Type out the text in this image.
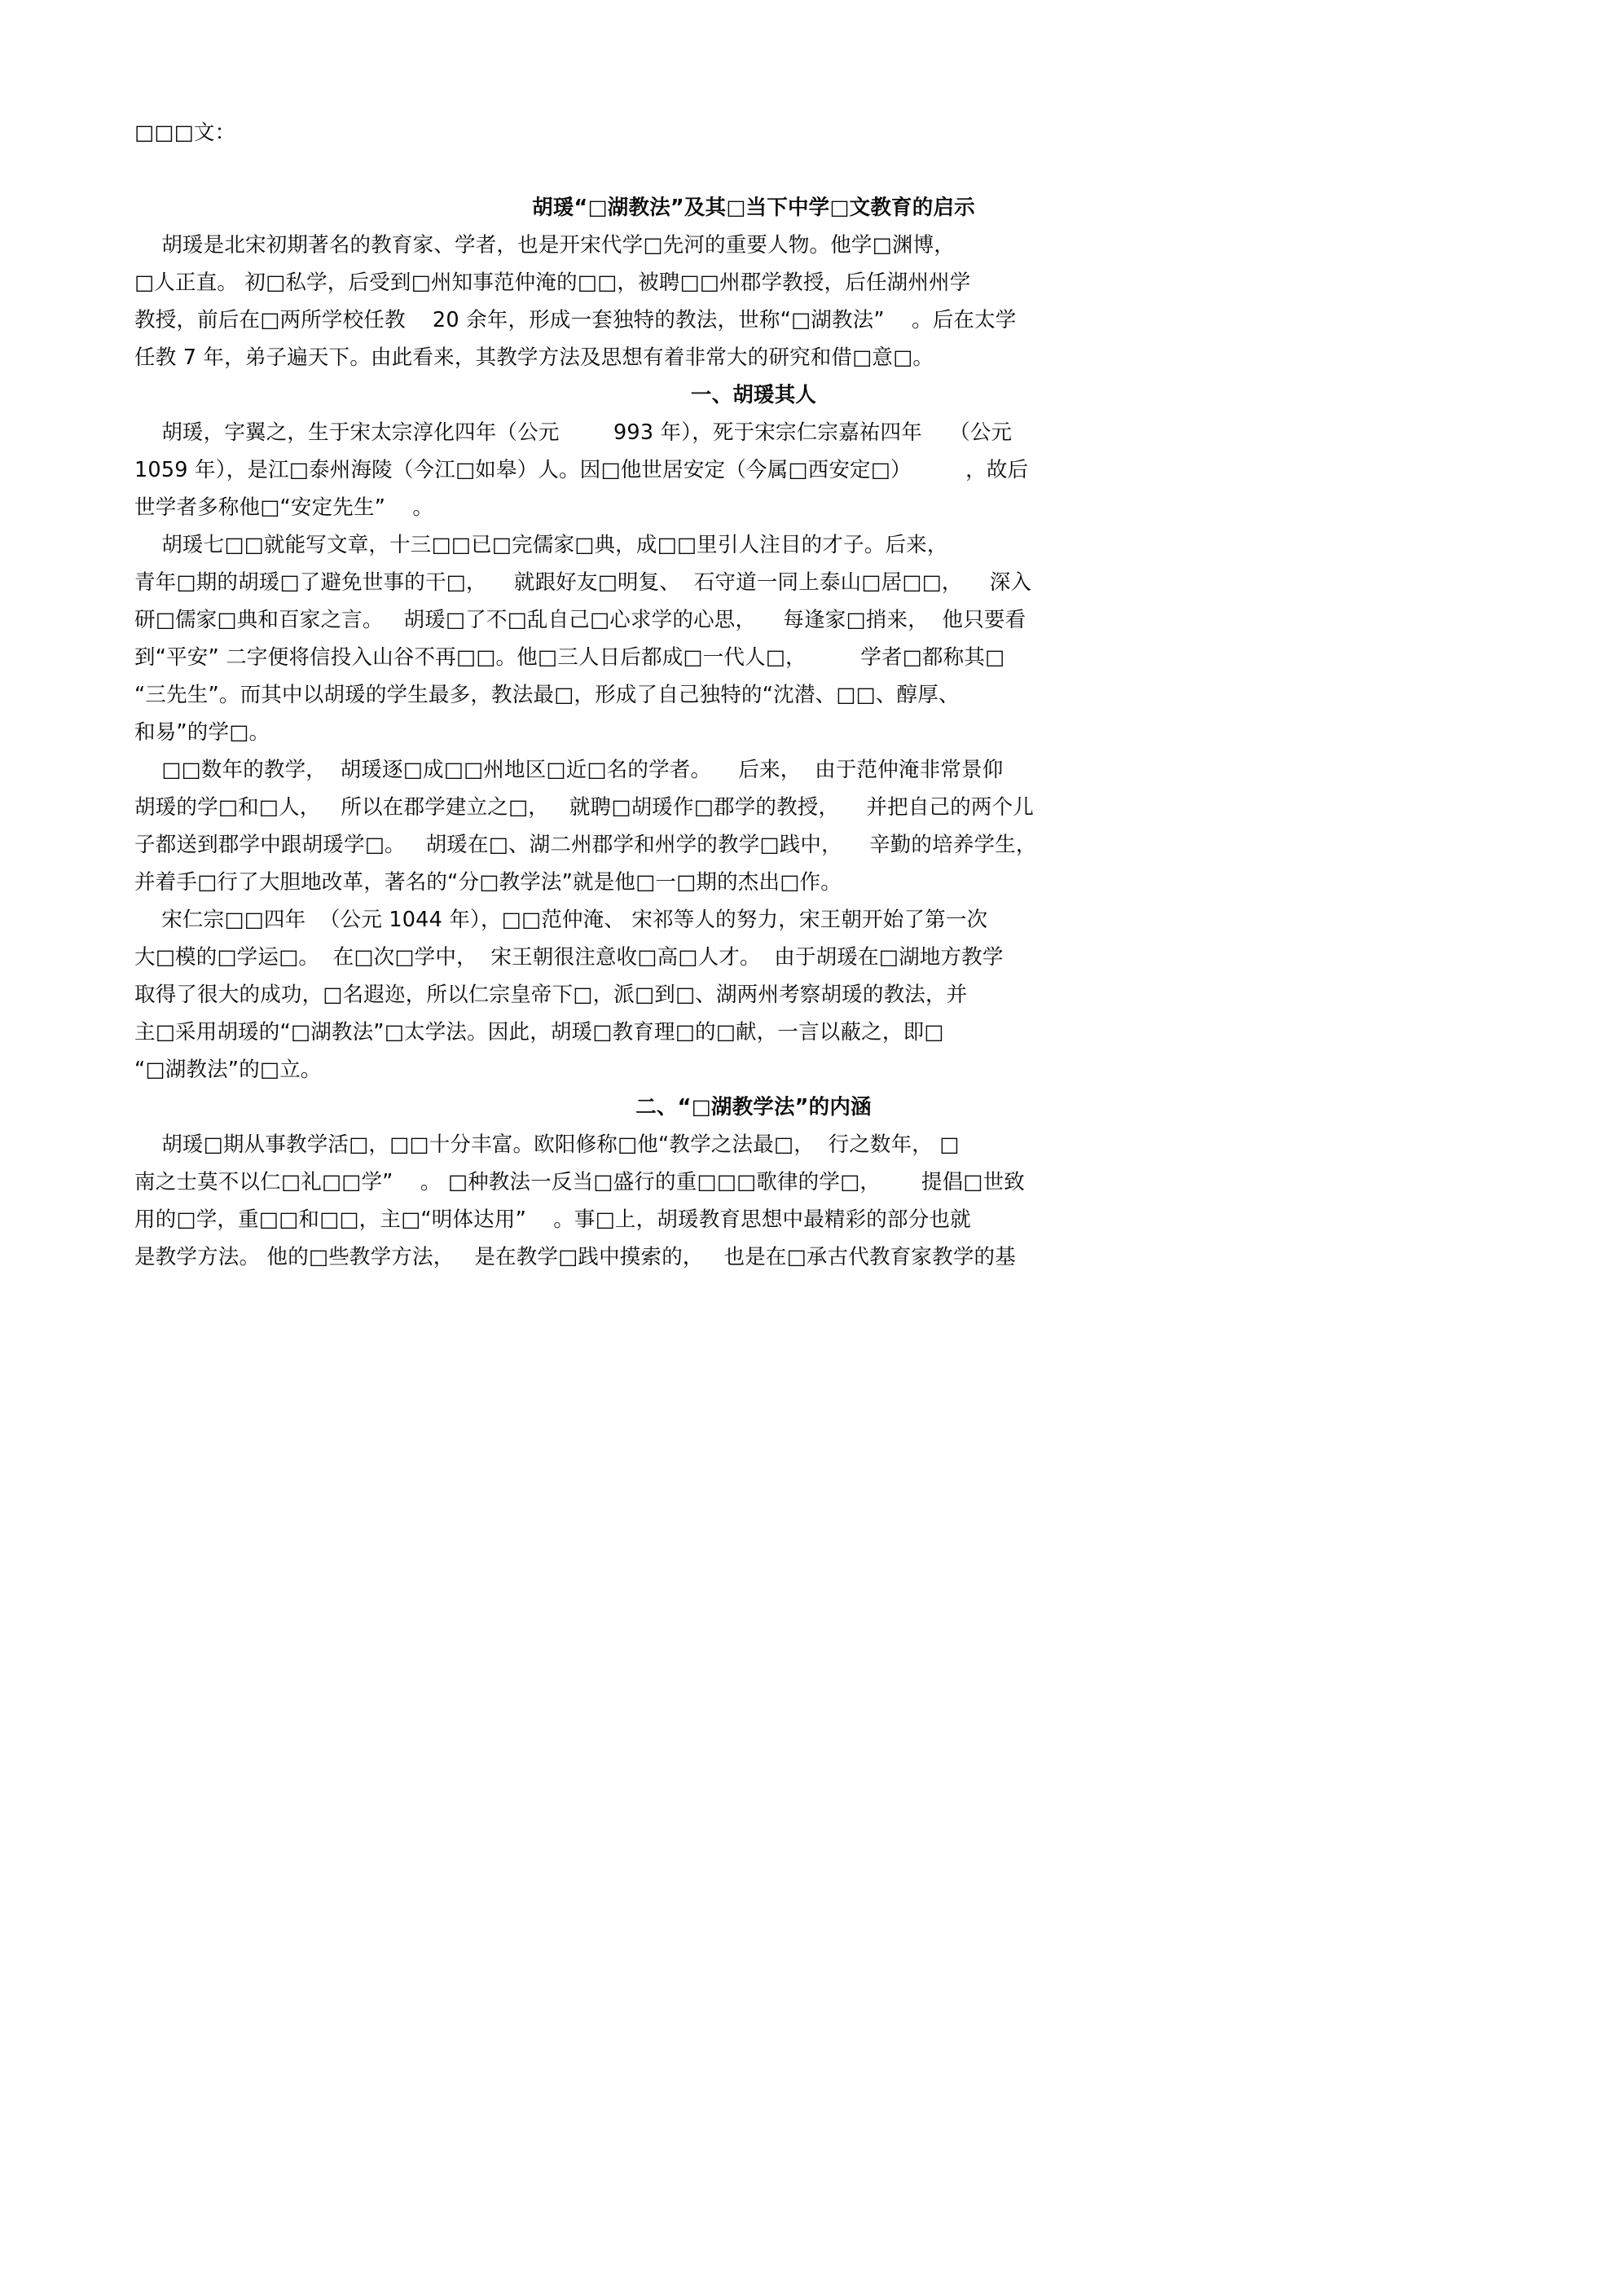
□□□文：
胡瑗“□湖教法”及其□当下中学□文教育的启示
胡瑗是北宋初期著名的教育家、学者，也是开宋代学□先河的重要人物。他学□渊博，
□人正直。 初□私学，后受到□州知事范仲淹的□□，被聘□□州郡学教授，后任湖州州学
教授，前后在□两所学校任教    20 余年，形成一套独特的教法，世称“□湖教法”    。后在太学
任教 7 年，弟子遍天下。由此看来，其教学方法及思想有着非常大的研究和借□意□。
一、胡瑗其人
胡瑗，字翼之，生于宋太宗淳化四年（公元        993 年），死于宋宗仁宗嘉祐四年    （公元
1059 年），是江□泰州海陵（今江□如皋）人。因□他世居安定（今属□西安定□）        ，故后
世学者多称他□“安定先生”    。
胡瑗七□□就能写文章，十三□□已□完儒家□典，成□□里引人注目的才子。后来，
青年□期的胡瑗□了避免世事的干□，    就跟好友□明复、  石守道一同上泰山□居□□，    深入
研□儒家□典和百家之言。   胡瑗□了不□乱自己□心求学的心思，    每逢家□捎来，  他只要看
到“平安” 二字便将信投入山谷不再□□。他□三人日后都成□一代人□，        学者□都称其□
“三先生”。而其中以胡瑗的学生最多，教法最□，形成了自己独特的“沈潜、□□、醇厚、
和易”的学□。
□□数年的教学，  胡瑗逐□成□□州地区□近□名的学者。    后来，  由于范仲淹非常景仰
胡瑗的学□和□人，   所以在郡学建立之□，   就聘□胡瑗作□郡学的教授，    并把自己的两个儿
子都送到郡学中跟胡瑗学□。   胡瑗在□、湖二州郡学和州学的教学□践中，    辛勤的培养学生，
并着手□行了大胆地改革，著名的“分□教学法”就是他□一□期的杰出□作。
宋仁宗□□四年  （公元 1044 年），□□范仲淹、 宋祁等人的努力，宋王朝开始了第一次
大□模的□学运□。  在□次□学中，  宋王朝很注意收□高□人才。  由于胡瑗在□湖地方教学
取得了很大的成功，□名遐迩，所以仁宗皇帝下□，派□到□、湖两州考察胡瑗的教法，并
主□采用胡瑗的“□湖教法”□太学法。因此，胡瑗□教育理□的□献，一言以蔽之，即□
“□湖教法”的□立。
二、“□湖教学法”的内涵
胡瑗□期从事教学活□，□□十分丰富。欧阳修称□他“教学之法最□，  行之数年， □
南之士莫不以仁□礼□□学”    。 □种教法一反当□盛行的重□□□歌律的学□，      提倡□世致
用的□学，重□□和□□，主□“明体达用”    。事□上，胡瑗教育思想中最精彩的部分也就
是教学方法。 他的□些教学方法，   是在教学□践中摸索的，   也是在□承古代教育家教学的基
